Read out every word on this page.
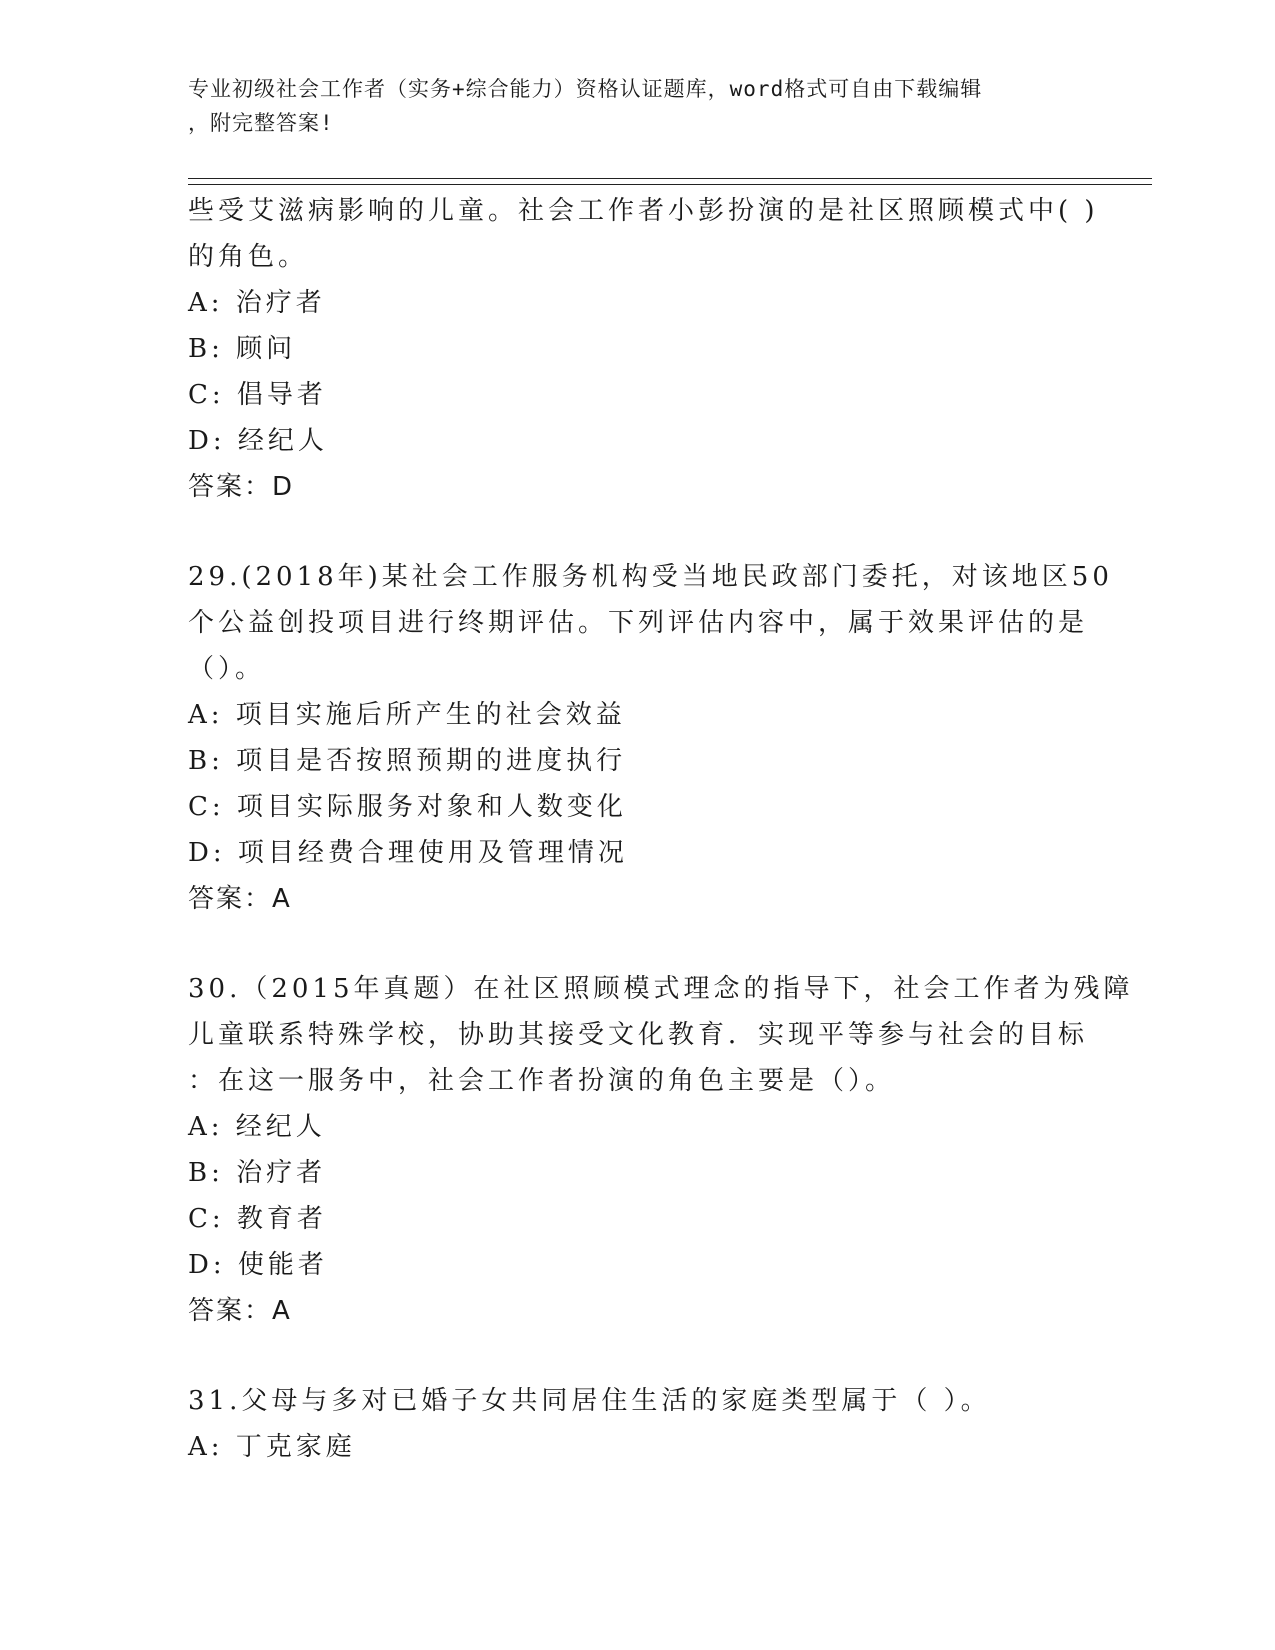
专业初级社会工作者（实务+综合能力）资格认证题库，word格式可自由下载编辑
，附完整答案!
些受艾滋病影响的儿童。社会工作者小彭扮演的是社区照顾模式中( )
的角色。
A: 治疗者
B: 顾问
C: 倡导者
D: 经纪人
答案：D
29.(2018年)某社会工作服务机构受当地民政部门委托，对该地区50
个公益创投项目进行终期评估。下列评估内容中，属于效果评估的是
（）。
A: 项目实施后所产生的社会效益
B: 项目是否按照预期的进度执行
C: 项目实际服务对象和人数变化
D: 项目经费合理使用及管理情况
答案：A
30.（2015年真题）在社区照顾模式理念的指导下，社会工作者为残障
儿童联系特殊学校，协助其接受文化教育．实现平等参与社会的目标
：在这一服务中，社会工作者扮演的角色主要是（）。
A: 经纪人
B: 治疗者
C: 教育者
D: 使能者
答案：A
31.父母与多对已婚子女共同居住生活的家庭类型属于（ ）。
A: 丁克家庭
